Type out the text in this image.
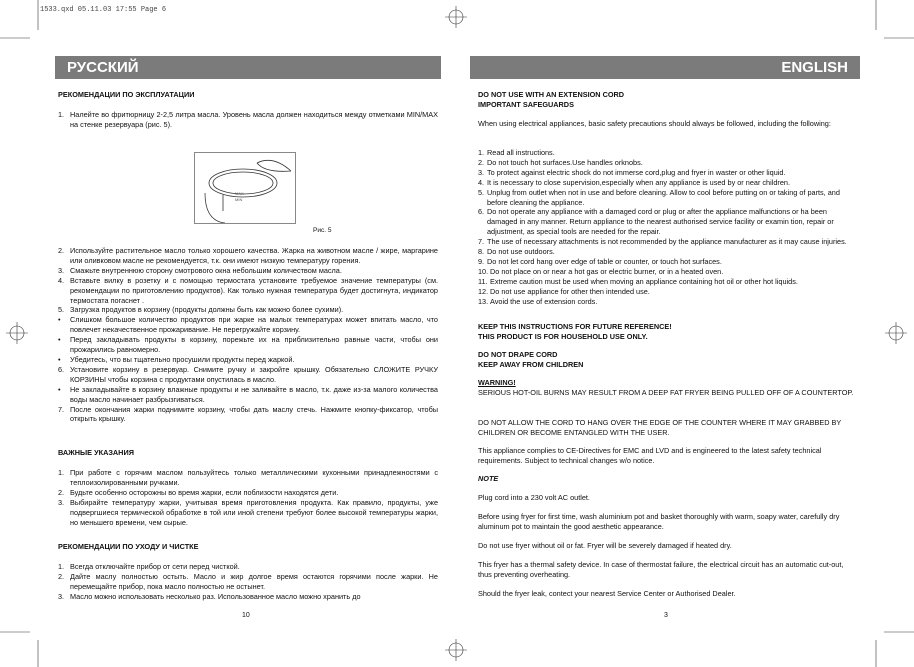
1533.qxd 05.11.03 17:55 Page 6
РУССКИЙ	ENGLISH

РЕКОМЕНДАЦИИ ПО ЭКСПЛУАТАЦИИ

1. Налейте во фритюрницу 2-2,5 литра масла. Уровень масла должен находиться между отметками MIN/MAX на стенке резервуара (рис. 5).
MAX
MIN
Рис. 5
2. Используйте растительное масло только хорошего качества. Жарка на животном масле / жире, маргарине или оливковом масле не рекомендуется, т.к. они имеют низкую температуру горения.
3. Смажьте внутреннюю сторону смотрового окна небольшим количеством масла.
4. Вставьте вилку в розетку и с помощью термостата установите требуемое значение температуры (см. рекомендации по приготовлению продуктов). Как только нужная температура будет достигнута, индикатор термостата погаснет .
5. Загрузка продуктов в корзину (продукты должны быть как можно более сухими).
• Слишком большое количество продуктов при жарке на малых температурах может впитать масло, что повлечет некачественное прожаривание. Не перегружайте корзину.
• Перед закладывать продукты в корзину, порежьте их на приблизительно равные части, чтобы они прожарились равномерно.
• Убедитесь, что вы тщательно просушили продукты перед жаркой.
6. Установите корзину в резервуар. Снимите ручку и закройте крышку. Обязательно СЛОЖИТЕ РУЧКУ КОРЗИНЫ чтобы корзина с продуктами опустилась в масло.
• Не закладывайте в корзину влажные продукты и не заливайте в масло, т.к. даже из-за малого количества воды масло начинает разбрызгиваться.
7. После окончания жарки поднимите корзину, чтобы дать маслу стечь. Нажмите кнопку-фиксатор, чтобы открыть крышку.

ВАЖНЫЕ УКАЗАНИЯ

1. При работе с горячим маслом пользуйтесь только металлическими кухонными принадлежностями с теплоизолированными ручками.
2. Будьте особенно осторожны во время жарки, если поблизости находятся дети.
3. Выбирайте температуру жарки, учитывая время приготовления продукта. Как правило, продукты, уже подвергшиеся термической обработке в той или иной степени требуют более высокой температуры жарки, но меньшего времени, чем сырые.

РЕКОМЕНДАЦИИ ПО УХОДУ И ЧИСТКЕ

1. Всегда отключайте прибор от сети перед чисткой.
2. Дайте маслу полностью остыть. Масло и жир долгое время остаются горячими после жарки. Не перемещайте прибор, пока масло полностью не остынет.
3. Масло можно использовать несколько раз. Использованное масло можно хранить до
10

DO NOT USE WITH AN EXTENSION CORD

IMPORTANT SAFEGUARDS

When using electrical appliances, basic safety precautions should always be followed, including the following:

1. Read all instructions.
2. Do not touch hot surfaces.Use handles orknobs.
3. To protect against electric shock do not immerse cord,plug and fryer in waster or other liquid.
4. It is necessary to close supervision,especially when any appliance is used by or near children.
5. Unplug from outlet when not in use and before cleaning. Allow to cool before putting on or taking of parts, and before cleaning the appliance.
6. Do not operate any appliance with a damaged cord or plug or after the appliance malfunctions or ha been damaged in any manner. Return appliance to the nearest authorised service facility or examin tion, repair or adjustment, as special tools are needed for the repair.
7. The use of necessary attachments is not recommended by the appliance manufacturer as it may cause injuries.
8. Do not use outdoors.
9. Do not let cord hang over edge of table or counter, or touch hot surfaces.
10. Do not place on or near a hot gas or electric burner, or in a heated oven.
11. Extreme caution must be used when moving an appliance containing hot oil or other hot liquids.
12. Do not use appliance for other then intended use.
13. Avoid the use of extension cords.

KEEP THIS INSTRUCTIONS FOR FUTURE REFERENCE!

THIS PRODUCT IS FOR HOUSEHOLD USE ONLY.

DO NOT DRAPE CORD

KEEP AWAY FROM CHILDREN

WARNING!

SERIOUS HOT-OIL BURNS MAY RESULT FROM A DEEP FAT FRYER BEING PULLED OFF OF A COUNTERTOP.

DO NOT ALLOW THE CORD TO HANG OVER THE EDGE OF THE COUNTER WHERE IT MAY GRABBED BY CHILDREN OR BECOME ENTANGLED WITH THE USER.

This appliance complies to CE-Directives for EMC and LVD and is engineered to the latest safety technical requirements. Subject to technical changes w/o notice.

NOTE

Plug cord into a 230 volt AC outlet.

Before using fryer for first time, wash aluminium pot and basket thoroughly with warm, soapy water, carefully dry aluminum pot to maintain the good aesthetic appearance.

Do not use fryer without oil or fat. Fryer will be severely damaged if heated dry.

This fryer has a thermal safety device. In case of thermostat failure, the electrical circuit has an automatic cut-out, thus preventing overheating.

Should the fryer leak, contect your nearest Service Center or Authorised Dealer.

3
